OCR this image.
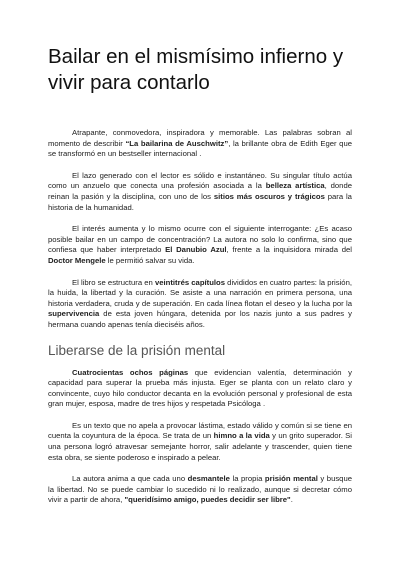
Bailar en el mismísimo infierno y vivir para contarlo

Atrapante, conmovedora, inspiradora y memorable. Las palabras sobran al momento de describir “La bailarina de Auschwitz”, la brillante obra de Edith Eger que se transformó en un bestseller internacional .

El lazo generado con el lector es sólido e instantáneo. Su singular título actúa como un anzuelo que conecta una profesión asociada a la belleza artística, donde reinan la pasión y la disciplina, con uno de los sitios más oscuros y trágicos para la historia de la humanidad.

El interés aumenta y lo mismo ocurre con el siguiente interrogante: ¿Es acaso posible bailar en un campo de concentración? La autora no solo lo confirma, sino que confiesa que haber interpretado El Danubio Azul, frente a la inquisidora mirada del Doctor Mengele le permitió salvar su vida.

El libro se estructura en veintitrés capítulos divididos en cuatro partes: la prisión, la huida, la libertad y la curación. Se asiste a una narración en primera persona, una historia verdadera, cruda y de superación. En cada línea flotan el deseo y la lucha por la supervivencia de esta joven húngara, detenida por los nazis junto a sus padres y hermana cuando apenas tenía dieciséis años.

Liberarse de la prisión mental

Cuatrocientas ochos páginas que evidencian valentía, determinación y capacidad para superar la prueba más injusta. Eger se planta con un relato claro y convincente, cuyo hilo conductor decanta en la evolución personal y profesional de esta gran mujer, esposa, madre de tres hijos y respetada Psicóloga .

Es un texto que no apela a provocar lástima, estado válido y común si se tiene en cuenta la coyuntura de la época. Se trata de un himno a la vida y un grito superador. Si una persona logró atravesar semejante horror, salir adelante y trascender, quien tiene esta obra, se siente poderoso e inspirado a pelear.

La autora anima a que cada uno desmantele la propia prisión mental y busque la libertad. No se puede cambiar lo sucedido ni lo realizado, aunque si decretar cómo vivir a partir de ahora, "queridísimo amigo, puedes decidir ser libre".
